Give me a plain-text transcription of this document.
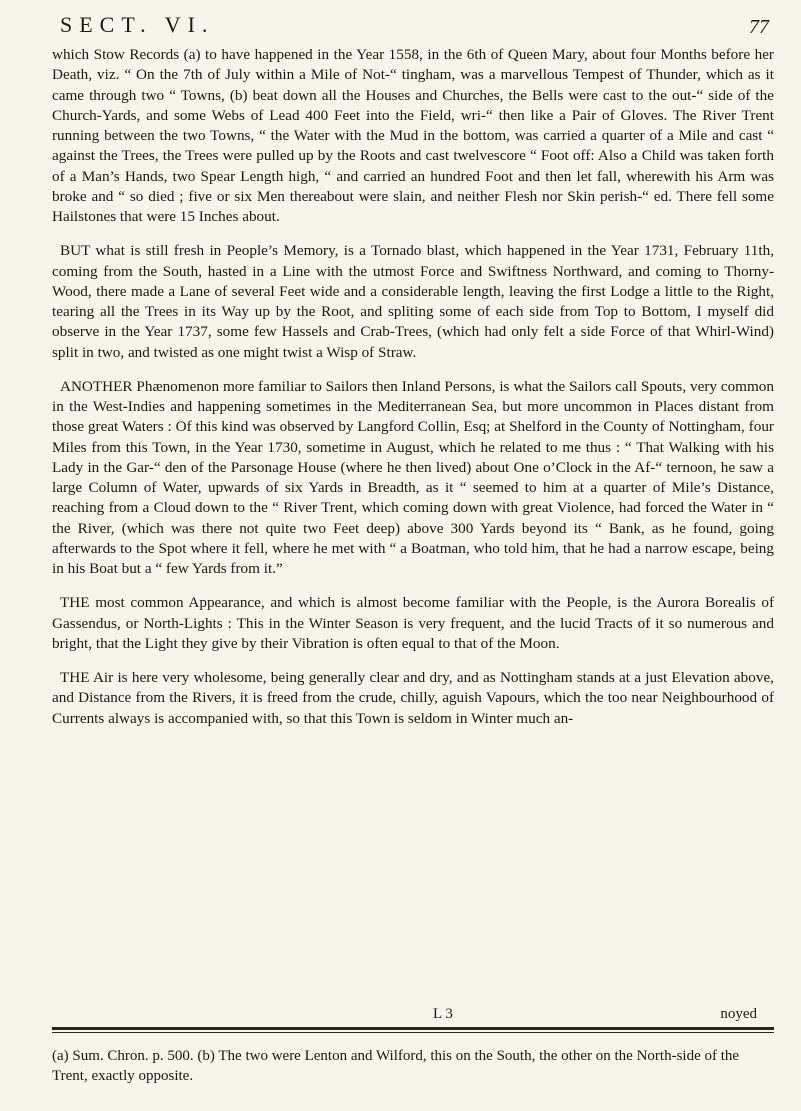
SECT. VI.	77

which Stow Records (a) to have happened in the Year 1558, in the 6th of Queen Mary, about four Months before her Death, viz. “ On the 7th of July within a Mile of Not-“ tingham, was a marvellous Tempest of Thunder, which as it came through two “ Towns, (b) beat down all the Houses and Churches, the Bells were cast to the out-“ side of the Church-Yards, and some Webs of Lead 400 Feet into the Field, wri-“ then like a Pair of Gloves. The River Trent running between the two Towns, “ the Water with the Mud in the bottom, was carried a quarter of a Mile and cast “ against the Trees, the Trees were pulled up by the Roots and cast twelvescore “ Foot off: Also a Child was taken forth of a Man’s Hands, two Spear Length high, “ and carried an hundred Foot and then let fall, wherewith his Arm was broke and “ so died ; five or six Men thereabout were slain, and neither Flesh nor Skin perish-“ ed. There fell some Hailstones that were 15 Inches about.

BUT what is still fresh in People’s Memory, is a Tornado blast, which happened in the Year 1731, February 11th, coming from the South, hasted in a Line with the utmost Force and Swiftness Northward, and coming to Thorny-Wood, there made a Lane of several Feet wide and a considerable length, leaving the first Lodge a little to the Right, tearing all the Trees in its Way up by the Root, and spliting some of each side from Top to Bottom, I myself did observe in the Year 1737, some few Hassels and Crab-Trees, (which had only felt a side Force of that Whirl-Wind) split in two, and twisted as one might twist a Wisp of Straw.

ANOTHER Phænomenon more familiar to Sailors then Inland Persons, is what the Sailors call Spouts, very common in the West-Indies and happening sometimes in the Mediterranean Sea, but more uncommon in Places distant from those great Waters : Of this kind was observed by Langford Collin, Esq; at Shelford in the County of Nottingham, four Miles from this Town, in the Year 1730, sometime in August, which he related to me thus : “ That Walking with his Lady in the Gar-“ den of the Parsonage House (where he then lived) about One o’Clock in the Af-“ ternoon, he saw a large Column of Water, upwards of six Yards in Breadth, as it “ seemed to him at a quarter of Mile’s Distance, reaching from a Cloud down to the “ River Trent, which coming down with great Violence, had forced the Water in “ the River, (which was there not quite two Feet deep) above 300 Yards beyond its “ Bank, as he found, going afterwards to the Spot where it fell, where he met with “ a Boatman, who told him, that he had a narrow escape, being in his Boat but a “ few Yards from it.”

THE most common Appearance, and which is almost become familiar with the People, is the Aurora Borealis of Gassendus, or North-Lights : This in the Winter Season is very frequent, and the lucid Tracts of it so numerous and bright, that the Light they give by their Vibration is often equal to that of the Moon.

THE Air is here very wholesome, being generally clear and dry, and as Nottingham stands at a just Elevation above, and Distance from the Rivers, it is freed from the crude, chilly, aguish Vapours, which the too near Neighbourhood of Currents always is accompanied with, so that this Town is seldom in Winter much an-

L 3	noyed
(a) Sum. Chron. p. 500. (b) The two were Lenton and Wilford, this on the South, the other on the North-side of the Trent, exactly opposite.
